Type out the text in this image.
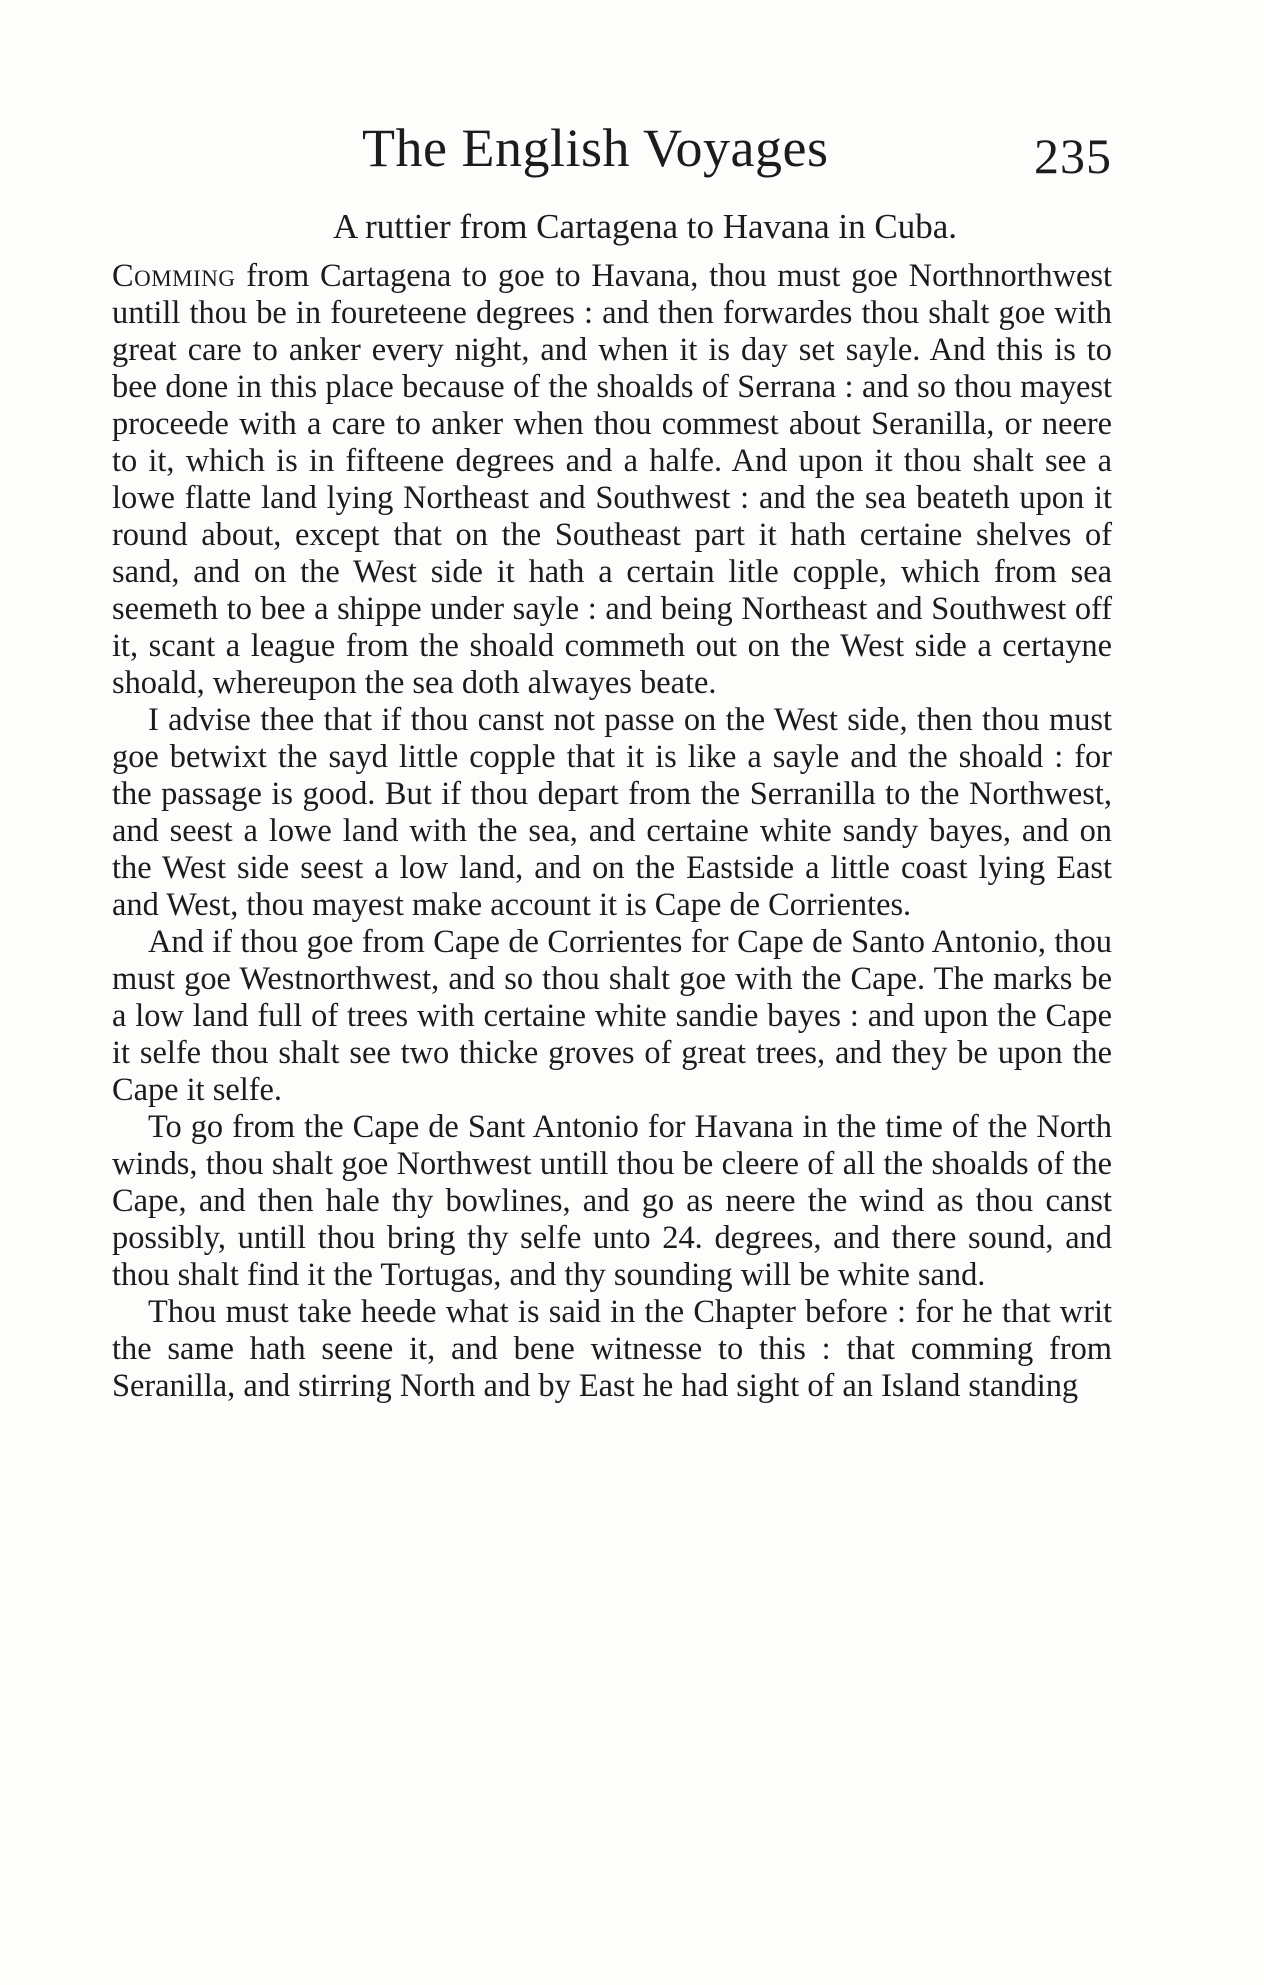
The English Voyages	235
A ruttier from Cartagena to Havana in Cuba.

Comming from Cartagena to goe to Havana, thou must goe Northnorthwest untill thou be in foureteene degrees : and then forwardes thou shalt goe with great care to anker every night, and when it is day set sayle. And this is to bee done in this place because of the shoalds of Serrana : and so thou mayest proceede with a care to anker when thou commest about Seranilla, or neere to it, which is in fifteene degrees and a halfe. And upon it thou shalt see a lowe flatte land lying Northeast and Southwest : and the sea beateth upon it round about, except that on the Southeast part it hath certaine shelves of sand, and on the West side it hath a certain litle copple, which from sea seemeth to bee a shippe under sayle : and being Northeast and Southwest off it, scant a league from the shoald commeth out on the West side a certayne shoald, whereupon the sea doth alwayes beate.

I advise thee that if thou canst not passe on the West side, then thou must goe betwixt the sayd little copple that it is like a sayle and the shoald : for the passage is good. But if thou depart from the Serranilla to the Northwest, and seest a lowe land with the sea, and certaine white sandy bayes, and on the West side seest a low land, and on the Eastside a little coast lying East and West, thou mayest make account it is Cape de Corrientes.

And if thou goe from Cape de Corrientes for Cape de Santo Antonio, thou must goe Westnorthwest, and so thou shalt goe with the Cape. The marks be a low land full of trees with certaine white sandie bayes : and upon the Cape it selfe thou shalt see two thicke groves of great trees, and they be upon the Cape it selfe.

To go from the Cape de Sant Antonio for Havana in the time of the North winds, thou shalt goe Northwest untill thou be cleere of all the shoalds of the Cape, and then hale thy bowlines, and go as neere the wind as thou canst possibly, untill thou bring thy selfe unto 24. degrees, and there sound, and thou shalt find it the Tortugas, and thy sounding will be white sand.

Thou must take heede what is said in the Chapter before : for he that writ the same hath seene it, and bene witnesse to this : that comming from Seranilla, and stirring North and by East he had sight of an Island standing
